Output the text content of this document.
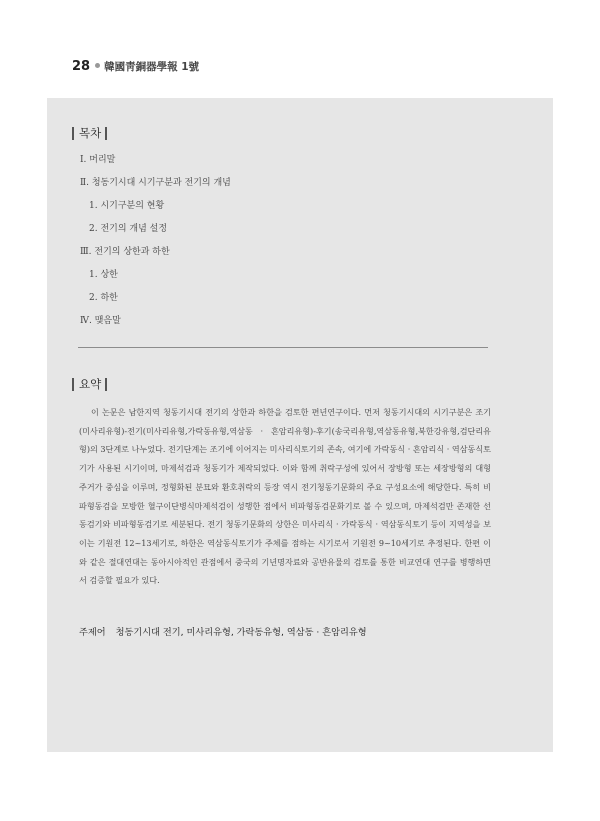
28 韓國靑銅器學報 1號
목차
Ⅰ. 머리말
Ⅱ. 청동기시대 시기구분과 전기의 개념
1. 시기구분의 현황
2. 전기의 개념 설정
Ⅲ. 전기의 상한과 하한
1. 상한
2. 하한
Ⅳ. 맺음말
요약

이 논문은 남한지역 청동기시대 전기의 상한과 하한을 검토한 편년연구이다. 먼저 청동기시대의 시기구분은 조기(미사리유형)-전기(미사리유형,가락동유형,역삼동 · 흔암리유형)-후기(송국리유형,역삼동유형,북한강유형,검단리유형)의 3단계로 나누었다. 전기단계는 조기에 이어지는 미사리식토기의 존속, 여기에 가락동식 · 흔암리식 · 역삼동식토기가 사용된 시기이며, 마제석검과 청동기가 제작되었다. 이와 함께 취락구성에 있어서 장방형 또는 세장방형의 대형주거가 중심을 이루며, 정형화된 분묘와 환호취락의 등장 역시 전기청동기문화의 주요 구성요소에 해당한다. 특히 비파형동검을 모방한 혈구이단병식마제석검이 성행한 점에서 비파형동검문화기로 볼 수 있으며, 마제석검만 존재한 선동검기와 비파형동검기로 세분된다. 전기 청동기문화의 상한은 미사리식 · 가락동식 · 역삼동식토기 등이 지역성을 보이는 기원전 12~13세기로, 하한은 역삼동식토기가 주체를 점하는 시기로서 기원전 9~10세기로 추정된다. 한편 이와 같은 절대연대는 동아시아적인 관점에서 중국의 기년명자료와 공반유물의 검토를 통한 비교연대 연구를 병행하면서 검증할 필요가 있다.

주제어 청동기시대 전기, 미사리유형, 가락동유형, 역삼동 · 흔암리유형
